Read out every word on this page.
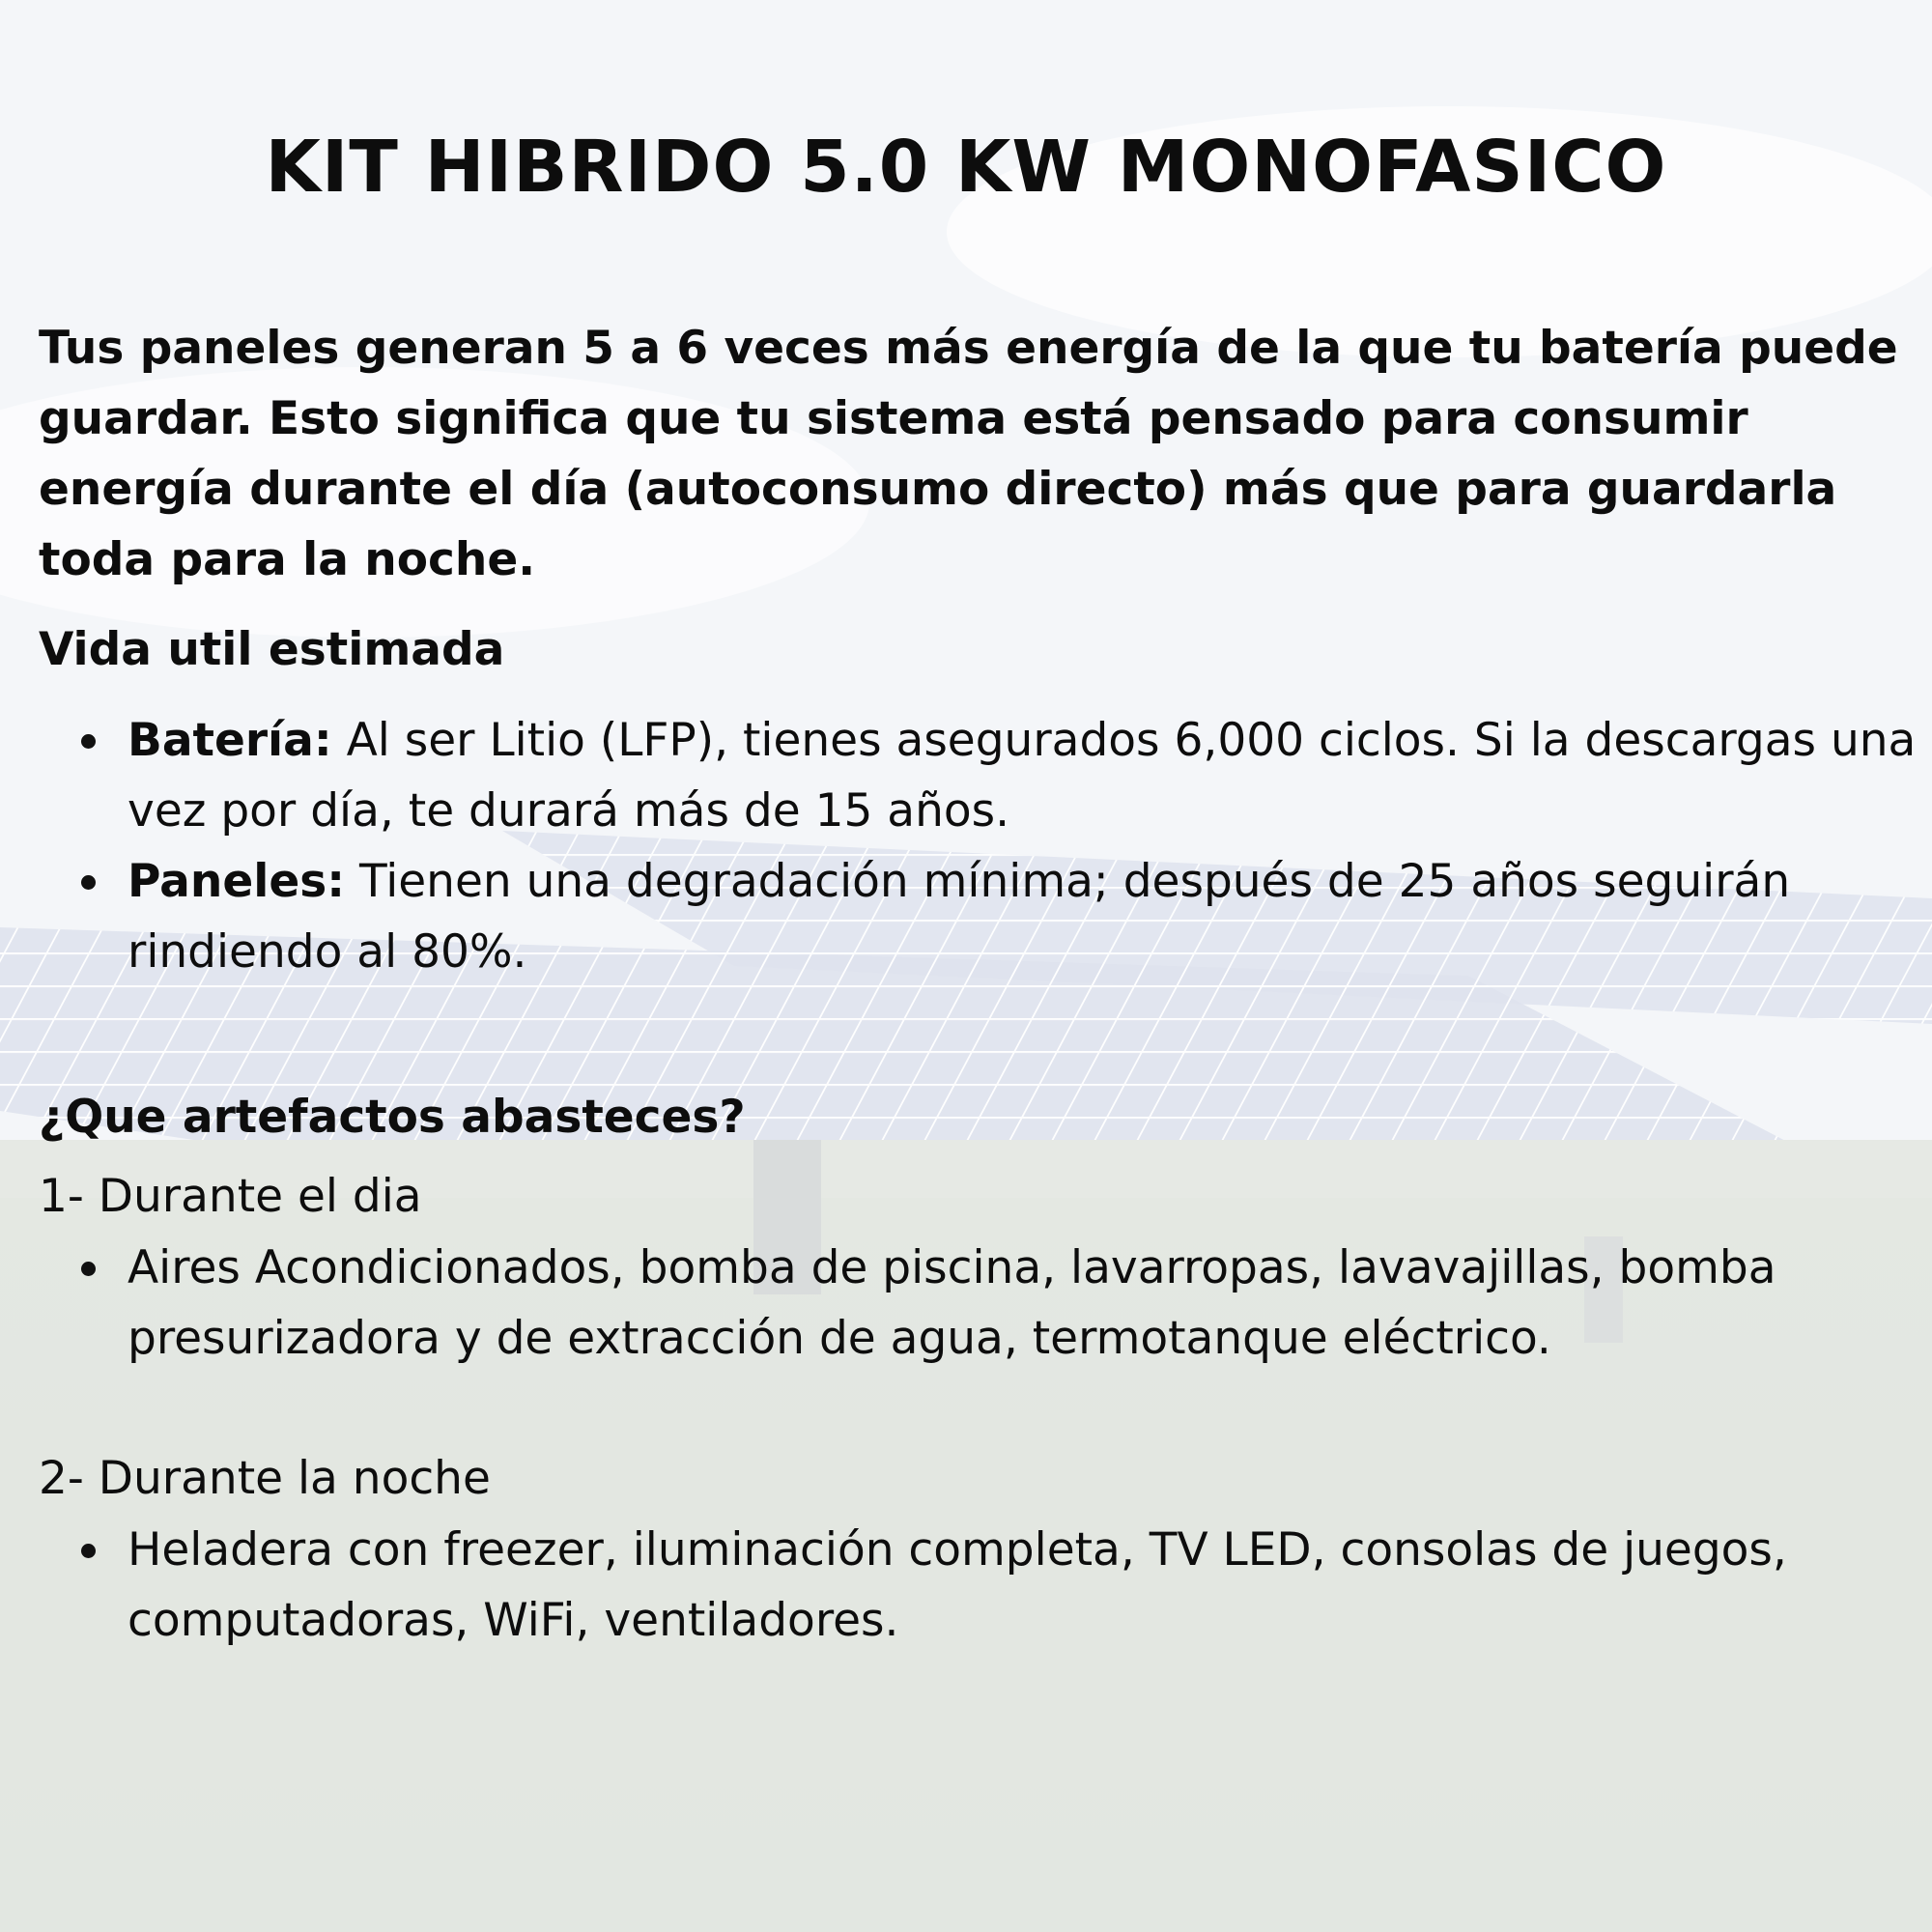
KIT HIBRIDO 5.0 KW MONOFASICO

Tus paneles generan 5 a 6 veces más energía de la que tu batería puede guardar. Esto significa que tu sistema está pensado para consumir energía durante el día (autoconsumo directo) más que para guardarla toda para la noche.

Vida util estimada
Batería: Al ser Litio (LFP), tienes asegurados 6,000 ciclos. Si la descargas una vez por día, te durará más de 15 años.
Paneles: Tienen una degradación mínima; después de 25 años seguirán rindiendo al 80%.
¿Que artefactos abasteces?

1- Durante el dia

Aires Acondicionados, bomba de piscina, lavarropas, lavavajillas, bomba presurizadora y de extracción de agua, termotanque eléctrico.

2- Durante la noche

Heladera con freezer, iluminación completa, TV LED, consolas de juegos, computadoras, WiFi, ventiladores.
